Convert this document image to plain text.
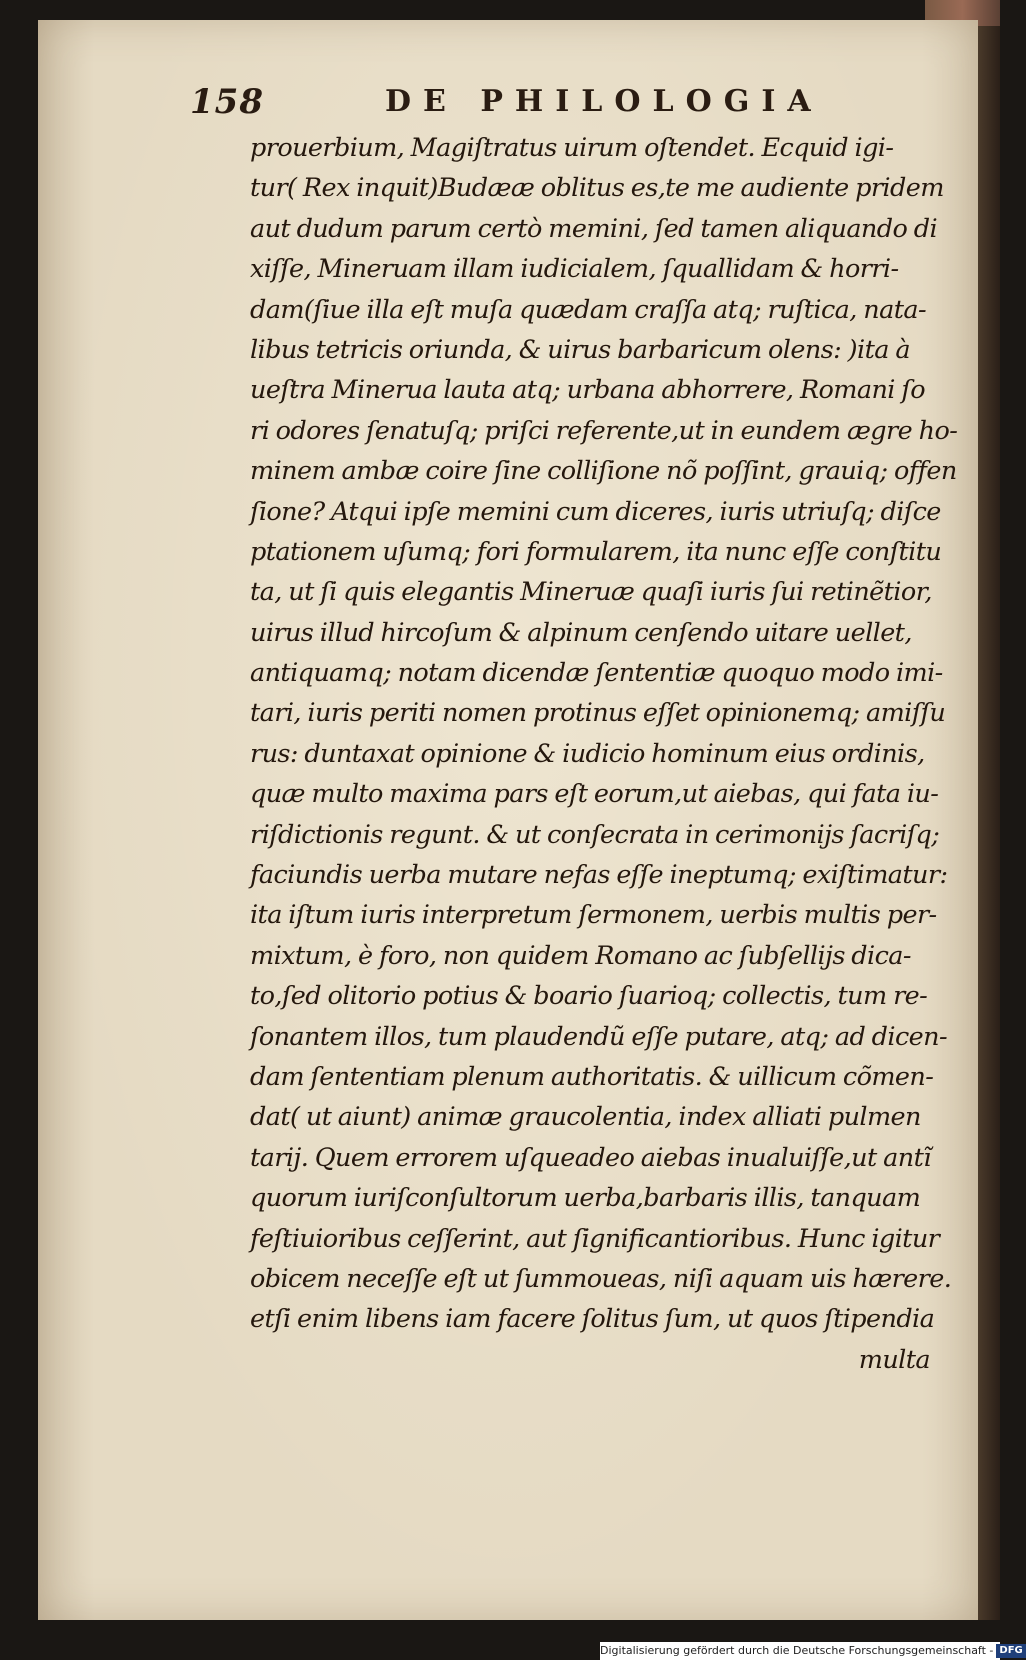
158	DE PHILOLOGIA
prouerbium, Magiſtratus uirum oſtendet. Ecquid igi-
tur( Rex inquit)Budææ oblitus es,te me audiente pridem
aut dudum parum certò memini, ſed tamen aliquando di
xiſſe, Mineruam illam iudicialem, ſquallidam & horri-
dam(ſiue illa eſt muſa quædam craſſa atq; ruſtica, nata-
libus tetricis oriunda, & uirus barbaricum olens: )ita à
ueſtra Minerua lauta atq; urbana abhorrere, Romani ſo
ri odores ſenatuſq; priſci referente,ut in eundem ægre ho-
minem ambæ coire ſine colliſione nõ poſſint, grauiq; offen
ſione? Atqui ipſe memini cum diceres, iuris utriuſq; diſce
ptationem uſumq; fori formularem, ita nunc eſſe conſtitu
ta, ut ſi quis elegantis Mineruæ quaſi iuris ſui retinẽtior,
uirus illud hircoſum & alpinum cenſendo uitare uellet,
antiquamq; notam dicendæ ſententiæ quoquo modo imi-
tari, iuris periti nomen protinus eſſet opinionemq; amiſſu
rus: duntaxat opinione & iudicio hominum eius ordinis,
quæ multo maxima pars eſt eorum,ut aiebas, qui fata iu-
riſdictionis regunt. & ut conſecrata in cerimonijs ſacriſq;
faciundis uerba mutare nefas eſſe ineptumq; exiſtimatur:
ita iſtum iuris interpretum ſermonem, uerbis multis per-
mixtum, è foro, non quidem Romano ac ſubſellijs dica-
to,ſed olitorio potius & boario ſuarioq; collectis, tum re-
ſonantem illos, tum plaudendũ eſſe putare, atq; ad dicen-
dam ſententiam plenum authoritatis. & uillicum cõmen-
dat( ut aiunt) animæ graucolentia, index alliati pulmen
tarij. Quem errorem uſqueadeo aiebas inualuiſſe,ut antĩ
quorum iuriſconſultorum uerba,barbaris illis, tanquam
feſtiuioribus ceſſerint, aut ſignificantioribus. Hunc igitur
obicem neceſſe eſt ut ſummoueas, niſi aquam uis hærere.
etſi enim libens iam facere ſolitus ſum, ut quos ſtipendia
multa
Digitalisierung gefördert durch die Deutsche Forschungsgemeinschaft - DFG
